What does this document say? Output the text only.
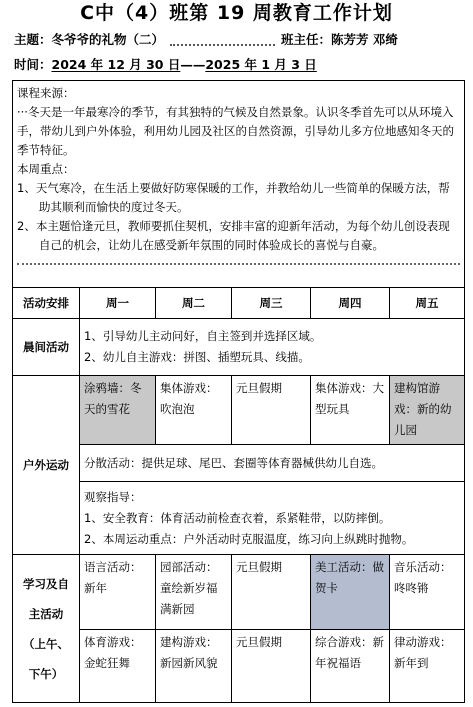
C中（4）班第 19 周教育工作计划
主题：冬爷爷的礼物（二）	班主任：陈芳芳 邓绮
时间：2024 年 12 月 30 日——2025 年 1 月 3 日

课程来源：

···冬天是一年最寒冷的季节，有其独特的气候及自然景象。认识冬季首先可以从环境入手，带幼儿到户外体验，利用幼儿园及社区的自然资源，引导幼儿多方位地感知冬天的季节特征。

本周重点：

1、天气寒冷，在生活上要做好防寒保暖的工作，并教给幼儿一些简单的保暖方法，帮助其顺利而愉快的度过冬天。

2、本主题恰逢元旦，教师要抓住契机，安排丰富的迎新年活动，为每个幼儿创设表现自己的机会，让幼儿在感受新年氛围的同时体验成长的喜悦与自豪。					

活动安排	周一	周二	周三	周四	周五
晨间活动	1、引导幼儿主动问好，自主签到并选择区域。
2、幼儿自主游戏：拼图、插塑玩具、线描。				

户外运动	涂鸦墙：冬天的雪花	集体游戏：吹泡泡	元旦假期	集体游戏：大型玩具	建构馆游戏：新的幼儿园
	分散活动：提供足球、尾巴、套圈等体育器械供幼儿自选。				

	观察指导：
1、安全教育：体育活动前检查衣着，系紧鞋带，以防摔倒。
2、本周运动重点：户外活动时克服温度，练习向上纵跳时抛物。				

学习及自
主活动
（上午、
下午）	语言活动：新年	园部活动：童绘新岁福满新园	元旦假期	美工活动：做贺卡	音乐活动：咚咚锵
	体育游戏：金蛇狂舞	建构游戏：新园新风貌	元旦假期	综合游戏：新年祝福语	律动游戏：新年到
